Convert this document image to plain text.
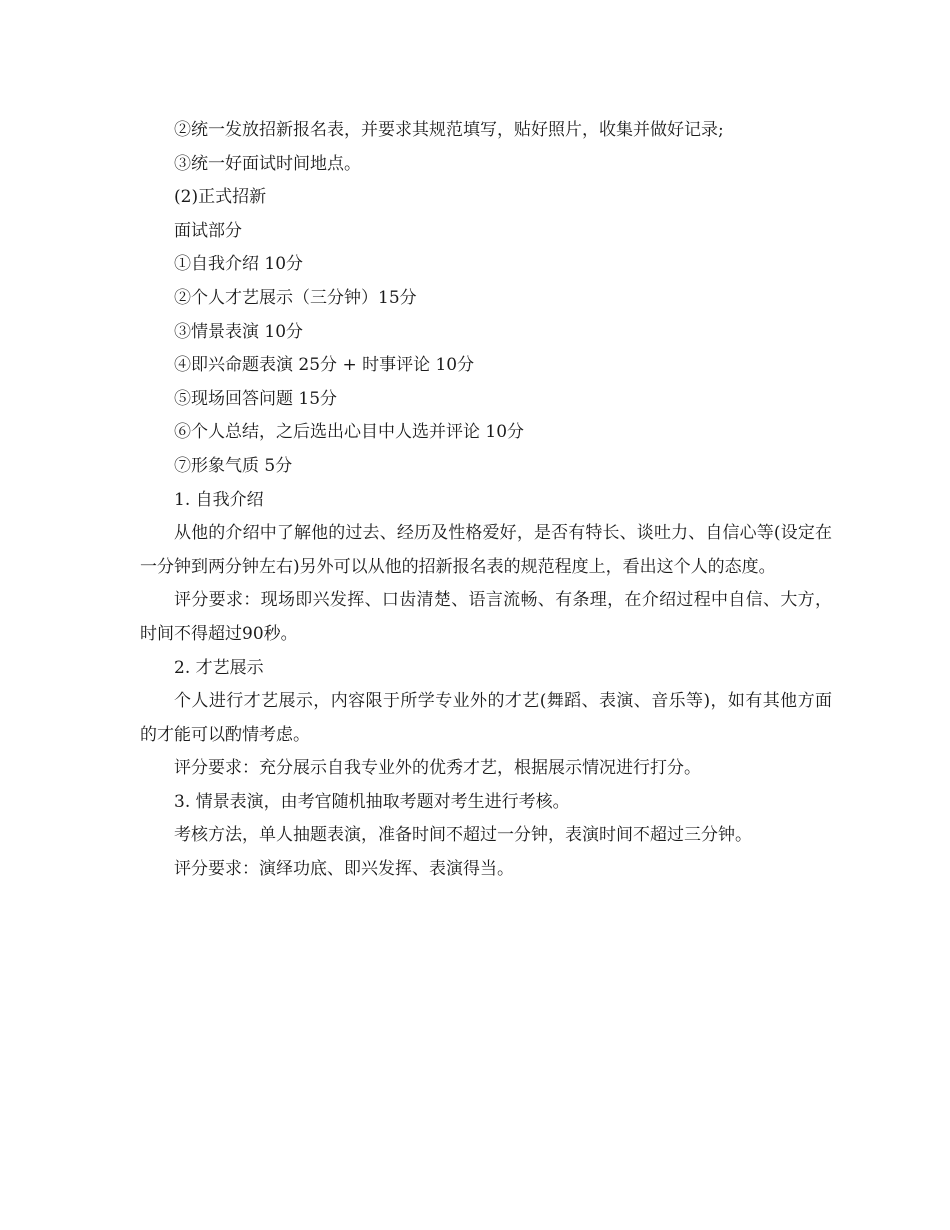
②统一发放招新报名表，并要求其规范填写，贴好照片，收集并做好记录;

③统一好面试时间地点。

(2)正式招新

面试部分

①自我介绍 10分

②个人才艺展示（三分钟）15分

③情景表演 10分

④即兴命题表演 25分 + 时事评论 10分

⑤现场回答问题 15分

⑥个人总结，之后选出心目中人选并评论 10分

⑦形象气质 5分

1. 自我介绍

从他的介绍中了解他的过去、经历及性格爱好，是否有特长、谈吐力、自信心等(设定在一分钟到两分钟左右)另外可以从他的招新报名表的规范程度上，看出这个人的态度。

评分要求：现场即兴发挥、口齿清楚、语言流畅、有条理，在介绍过程中自信、大方，时间不得超过90秒。

2. 才艺展示

个人进行才艺展示，内容限于所学专业外的才艺(舞蹈、表演、音乐等)，如有其他方面的才能可以酌情考虑。

评分要求：充分展示自我专业外的优秀才艺，根据展示情况进行打分。

3. 情景表演，由考官随机抽取考题对考生进行考核。

考核方法，单人抽题表演，准备时间不超过一分钟，表演时间不超过三分钟。

评分要求：演绎功底、即兴发挥、表演得当。
